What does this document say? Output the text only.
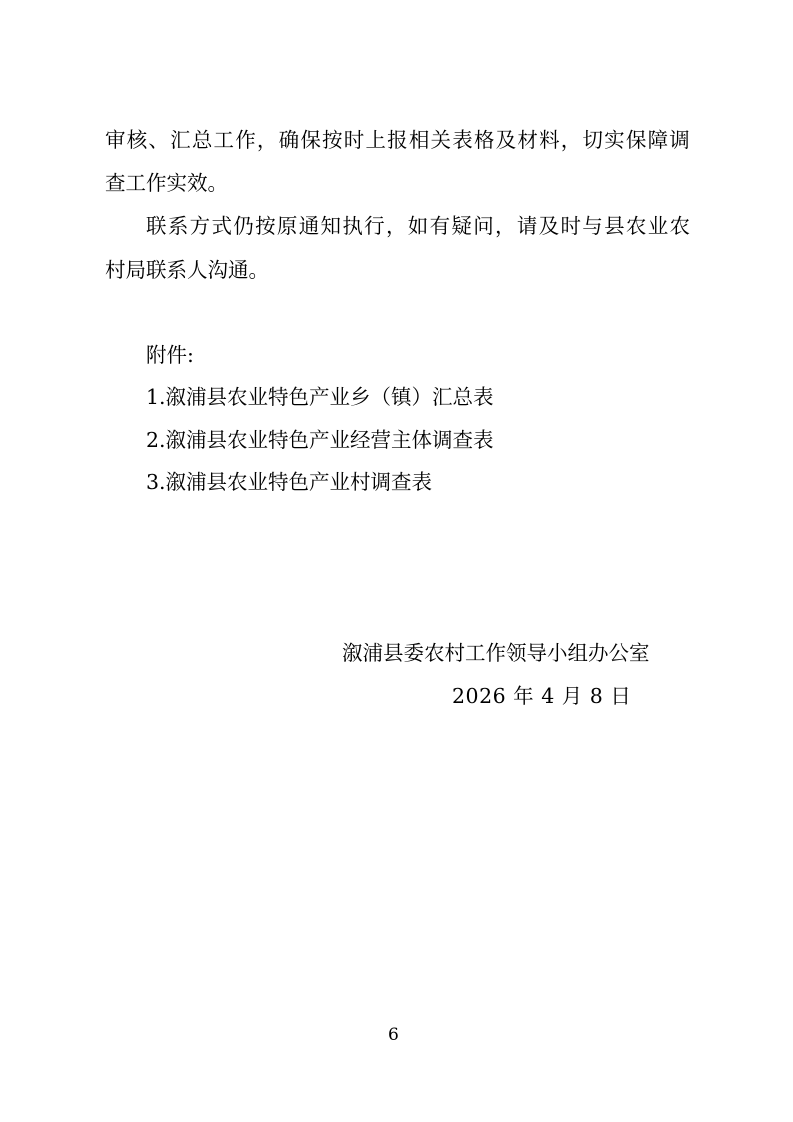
审 核 、 汇 总 工 作 ， 确 保 按 时 上 报 相 关 表 格 及 材 料 ， 切 实 保 障 调
查工作实效。
联 系 方 式 仍 按 原 通 知 执 行 ， 如 有 疑 问 ， 请 及 时 与 县 农 业 农
村局联系人沟通。
附件:
1.溆浦县农业特色产业乡（镇）汇总表
2.溆浦县农业特色产业经营主体调查表
3.溆浦县农业特色产业村调查表
溆浦县委农村工作领导小组办公室
2026 年 4 月 8 日
6
